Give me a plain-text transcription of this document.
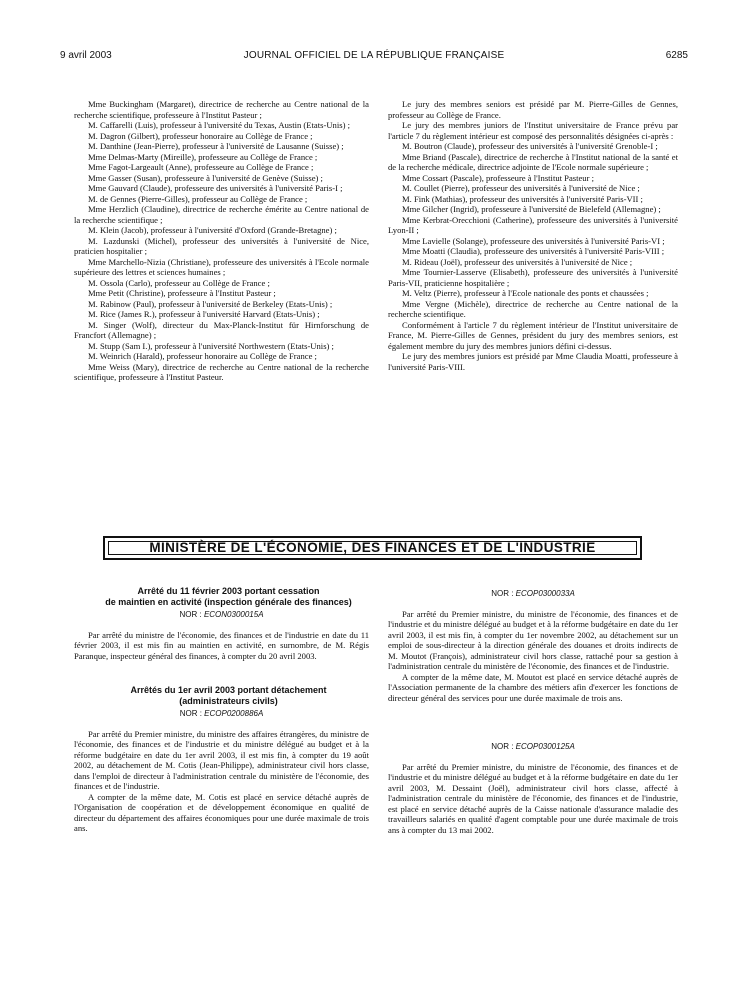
9 avril 2003	JOURNAL OFFICIEL DE LA RÉPUBLIQUE FRANÇAISE	6285

Mme Buckingham (Margaret), directrice de recherche au Centre national de la recherche scientifique, professeure à l'Institut Pasteur ;

M. Caffarelli (Luis), professeur à l'université du Texas, Austin (Etats-Unis) ;

M. Dagron (Gilbert), professeur honoraire au Collège de France ;

M. Danthine (Jean-Pierre), professeur à l'université de Lausanne (Suisse) ;

Mme Delmas-Marty (Mireille), professeure au Collège de France ;

Mme Fagot-Largeault (Anne), professeure au Collège de France ;

Mme Gasser (Susan), professeure à l'université de Genève (Suisse) ;

Mme Gauvard (Claude), professeure des universités à l'université Paris-I ;

M. de Gennes (Pierre-Gilles), professeur au Collège de France ;

Mme Herzlich (Claudine), directrice de recherche émérite au Centre national de la recherche scientifique ;

M. Klein (Jacob), professeur à l'université d'Oxford (Grande-Bretagne) ;

M. Lazdunski (Michel), professeur des universités à l'université de Nice, praticien hospitalier ;

Mme Marchello-Nizia (Christiane), professeure des universités à l'Ecole normale supérieure des lettres et sciences humaines ;

M. Ossola (Carlo), professeur au Collège de France ;

Mme Petit (Christine), professeure à l'Institut Pasteur ;

M. Rabinow (Paul), professeur à l'université de Berkeley (Etats-Unis) ;

M. Rice (James R.), professeur à l'université Harvard (Etats-Unis) ;

M. Singer (Wolf), directeur du Max-Planck-Institut für Hirnforschung de Francfort (Allemagne) ;

M. Stupp (Sam I.), professeur à l'université Northwestern (Etats-Unis) ;

M. Weinrich (Harald), professeur honoraire au Collège de France ;

Mme Weiss (Mary), directrice de recherche au Centre national de la recherche scientifique, professeure à l'Institut Pasteur.

Le jury des membres seniors est présidé par M. Pierre-Gilles de Gennes, professeur au Collège de France.

Le jury des membres juniors de l'Institut universitaire de France prévu par l'article 7 du règlement intérieur est composé des personnalités désignées ci-après :

M. Boutron (Claude), professeur des universités à l'université Grenoble-I ;

Mme Briand (Pascale), directrice de recherche à l'Institut national de la santé et de la recherche médicale, directrice adjointe de l'Ecole normale supérieure ;

Mme Cossart (Pascale), professeure à l'Institut Pasteur ;

M. Coullet (Pierre), professeur des universités à l'université de Nice ;

M. Fink (Mathias), professeur des universités à l'université Paris-VII ;

Mme Gilcher (Ingrid), professeure à l'université de Bielefeld (Allemagne) ;

Mme Kerbrat-Orecchioni (Catherine), professeure des universités à l'université Lyon-II ;

Mme Lavielle (Solange), professeure des universités à l'université Paris-VI ;

Mme Moatti (Claudia), professeure des universités à l'université Paris-VIII ;

M. Rideau (Joël), professeur des universités à l'université de Nice ;

Mme Tournier-Lasserve (Elisabeth), professeure des universités à l'université Paris-VII, praticienne hospitalière ;

M. Veltz (Pierre), professeur à l'Ecole nationale des ponts et chaussées ;

Mme Vergne (Michèle), directrice de recherche au Centre national de la recherche scientifique.

Conformément à l'article 7 du règlement intérieur de l'Institut universitaire de France, M. Pierre-Gilles de Gennes, président du jury des membres seniors, est également membre du jury des membres juniors défini ci-dessus.

Le jury des membres juniors est présidé par Mme Claudia Moatti, professeure à l'université Paris-VIII.

MINISTÈRE DE L'ÉCONOMIE, DES FINANCES ET DE L'INDUSTRIE

Arrêté du 11 février 2003 portant cessation

de maintien en activité (inspection générale des finances)

NOR : ECON0300015A

Par arrêté du ministre de l'économie, des finances et de l'industrie en date du 11 février 2003, il est mis fin au maintien en activité, en surnombre, de M. Régis Paranque, inspecteur général des finances, à compter du 20 avril 2003.

Arrêtés du 1er avril 2003 portant détachement

(administrateurs civils)

NOR : ECOP0200886A

Par arrêté du Premier ministre, du ministre des affaires étrangères, du ministre de l'économie, des finances et de l'industrie et du ministre délégué au budget et à la réforme budgétaire en date du 1er avril 2003, il est mis fin, à compter du 19 août 2002, au détachement de M. Cotis (Jean-Philippe), administrateur civil hors classe, dans l'emploi de directeur à l'administration centrale du ministère de l'économie, des finances et de l'industrie.

A compter de la même date, M. Cotis est placé en service détaché auprès de l'Organisation de coopération et de développement économique en qualité de directeur du département des affaires économiques pour une durée maximale de trois ans.

NOR : ECOP0300033A

Par arrêté du Premier ministre, du ministre de l'économie, des finances et de l'industrie et du ministre délégué au budget et à la réforme budgétaire en date du 1er avril 2003, il est mis fin, à compter du 1er novembre 2002, au détachement sur un emploi de sous-directeur à la direction générale des douanes et droits indirects de M. Moutot (François), administrateur civil hors classe, rattaché pour sa gestion à l'administration centrale du ministère de l'économie, des finances et de l'industrie.

A compter de la même date, M. Moutot est placé en service détaché auprès de l'Association permanente de la chambre des métiers afin d'exercer les fonctions de directeur général des services pour une durée maximale de trois ans.

NOR : ECOP0300125A

Par arrêté du Premier ministre, du ministre de l'économie, des finances et de l'industrie et du ministre délégué au budget et à la réforme budgétaire en date du 1er avril 2003, M. Dessaint (Joël), administrateur civil hors classe, affecté à l'administration centrale du ministère de l'économie, des finances et de l'industrie, est placé en service détaché auprès de la Caisse nationale d'assurance maladie des travailleurs salariés en qualité d'agent comptable pour une durée maximale de trois ans à compter du 13 mai 2002.
